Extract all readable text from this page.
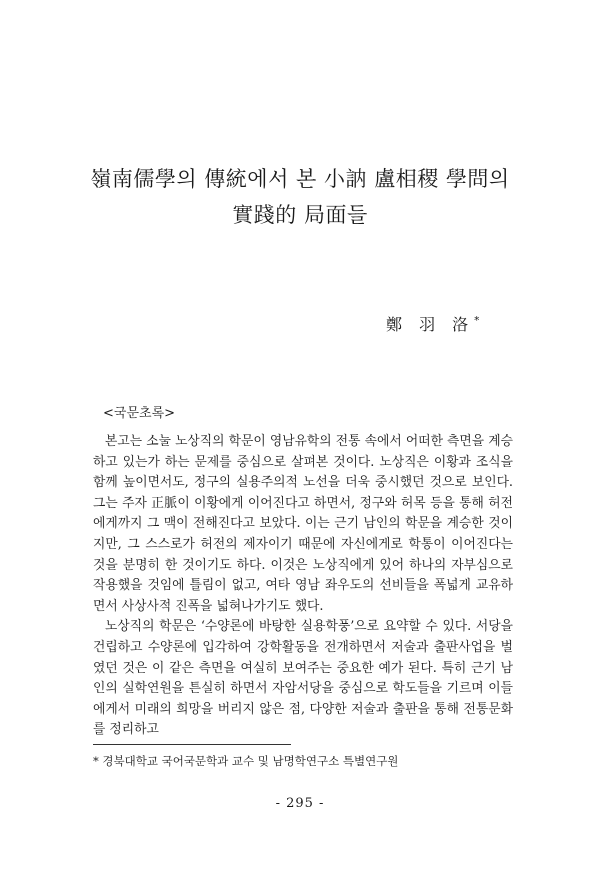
嶺南儒學의 傳統에서 본 小訥 盧相稷 學問의
實踐的 局面들
鄭 羽 洛*
<국문초록>

본고는 소눌 노상직의 학문이 영남유학의 전통 속에서 어떠한 측면을 계승하고 있는가 하는 문제를 중심으로 살펴본 것이다. 노상직은 이황과 조식을 함께 높이면서도, 정구의 실용주의적 노선을 더욱 중시했던 것으로 보인다. 그는 주자 正脈이 이황에게 이어진다고 하면서, 정구와 허목 등을 통해 허전에게까지 그 맥이 전해진다고 보았다. 이는 근기 남인의 학문을 계승한 것이지만, 그 스스로가 허전의 제자이기 때문에 자신에게로 학통이 이어진다는 것을 분명히 한 것이기도 하다. 이것은 노상직에게 있어 하나의 자부심으로 작용했을 것임에 틀림이 없고, 여타 영남 좌우도의 선비들을 폭넓게 교유하면서 사상사적 진폭을 넓혀나가기도 했다.

노상직의 학문은 ‘수양론에 바탕한 실용학풍’으로 요약할 수 있다. 서당을 건립하고 수양론에 입각하여 강학활동을 전개하면서 저술과 출판사업을 벌였던 것은 이 같은 측면을 여실히 보여주는 중요한 예가 된다. 특히 근기 남인의 실학연원을 튼실히 하면서 자암서당을 중심으로 학도들을 기르며 이들에게서 미래의 희망을 버리지 않은 점, 다양한 저술과 출판을 통해 전통문화를 정리하고

* 경북대학교 국어국문학과 교수 및 남명학연구소 특별연구원
- 295 -
